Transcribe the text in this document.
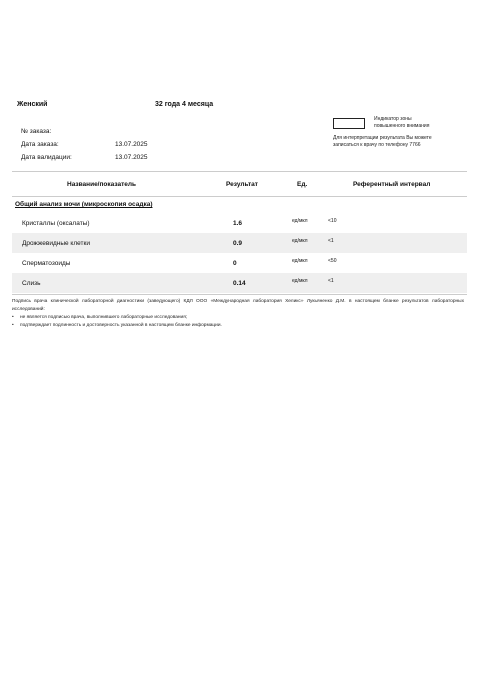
Женский	32 года 4 месяца
№ заказа:
Дата заказа:	13.07.2025
Дата валидации:	13.07.2025
Индикатор зоны повышенного внимания
Для интерпретации результата Вы можете записаться к врачу по телефону 7766
Название/показатель	Результат	Ед.	Референтный интервал
Общий анализ мочи (микроскопия осадка)
Кристаллы (оксалаты)	1.6	ед/мкл	<10
Дрожжевидные клетки	0.9	ед/мкл	<1
Сперматозоиды	0	ед/мкл	<50
Слизь	0.14	ед/мкл	<1
Подпись врача клинической лабораторной диагностики (заведующего) КДЛ ООО «Международная лаборатория Хеликс» Лукьяненко Д.М. в настоящем бланке результатов лабораторных исследований:
• не является подписью врача, выполнившего лабораторные исследования;
• подтверждает подлинность и достоверность указанной в настоящем бланке информации.
